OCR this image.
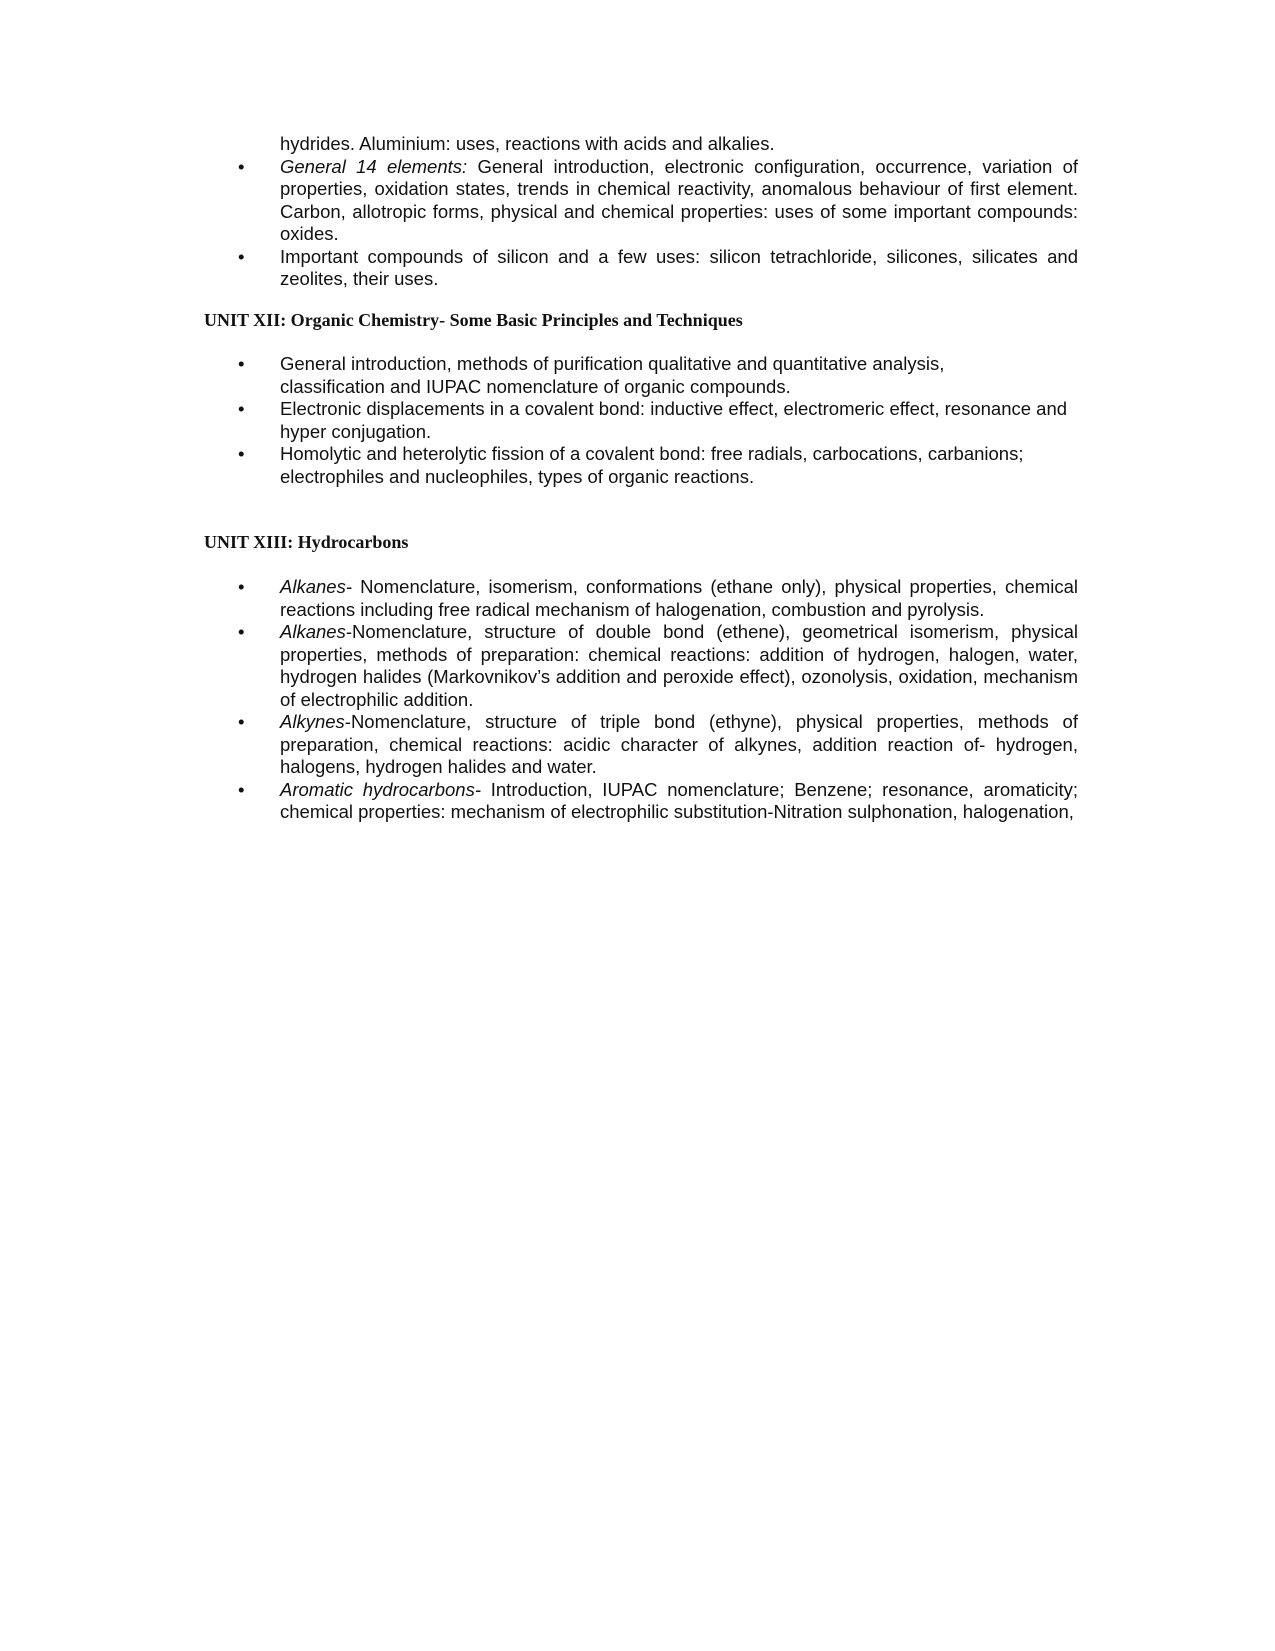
hydrides. Aluminium: uses, reactions with acids and alkalies.
• General 14 elements: General introduction, electronic configuration, occurrence, variation of properties, oxidation states, trends in chemical reactivity, anomalous behaviour of first element. Carbon, allotropic forms, physical and chemical properties: uses of some important compounds: oxides.
• Important compounds of silicon and a few uses: silicon tetrachloride, silicones, silicates and zeolites, their uses.
UNIT XII: Organic Chemistry- Some Basic Principles and Techniques
• General introduction, methods of purification qualitative and quantitative analysis, classification and IUPAC nomenclature of organic compounds.
• Electronic displacements in a covalent bond: inductive effect, electromeric effect, resonance and hyper conjugation.
• Homolytic and heterolytic fission of a covalent bond: free radials, carbocations, carbanions; electrophiles and nucleophiles, types of organic reactions.
UNIT XIII: Hydrocarbons
• Alkanes- Nomenclature, isomerism, conformations (ethane only), physical properties, chemical reactions including free radical mechanism of halogenation, combustion and pyrolysis.
• Alkanes-Nomenclature, structure of double bond (ethene), geometrical isomerism, physical properties, methods of preparation: chemical reactions: addition of hydrogen, halogen, water, hydrogen halides (Markovnikov’s addition and peroxide effect), ozonolysis, oxidation, mechanism of electrophilic addition.
• Alkynes-Nomenclature, structure of triple bond (ethyne), physical properties, methods of preparation, chemical reactions: acidic character of alkynes, addition reaction of- hydrogen, halogens, hydrogen halides and water.
• Aromatic hydrocarbons- Introduction, IUPAC nomenclature; Benzene; resonance, aromaticity; chemical properties: mechanism of electrophilic substitution-Nitration sulphonation, halogenation,
